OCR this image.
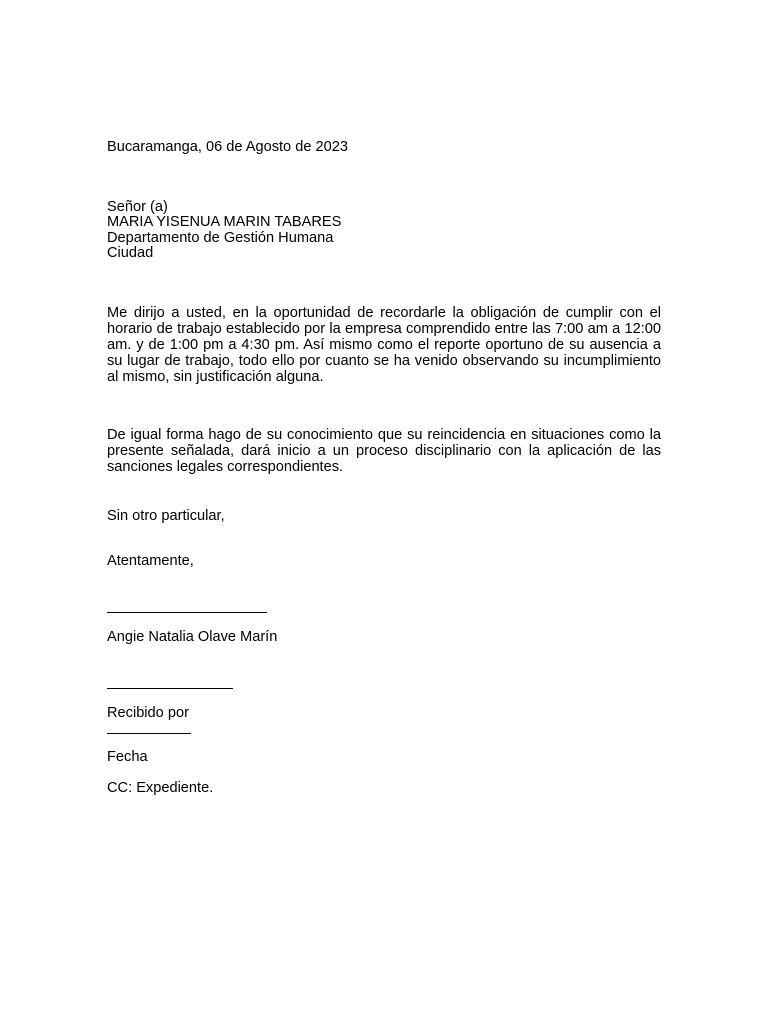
Bucaramanga, 06 de Agosto de 2023
Señor (a)
MARIA YISENUA MARIN TABARES
Departamento de Gestión Humana
Ciudad
Me dirijo a usted, en la oportunidad de recordarle la obligación de cumplir con el horario de trabajo establecido por la empresa comprendido entre las 7:00 am a 12:00 am. y de 1:00 pm a 4:30 pm. Así mismo como el reporte oportuno de su ausencia a su lugar de trabajo, todo ello por cuanto se ha venido observando su incumplimiento al mismo, sin justificación alguna.
De igual forma hago de su conocimiento que su reincidencia en situaciones como la presente señalada, dará inicio a un proceso disciplinario con la aplicación de las sanciones legales correspondientes.
Sin otro particular,
Atentamente,
Angie Natalia Olave Marín
Recibido por
Fecha
CC: Expediente.
